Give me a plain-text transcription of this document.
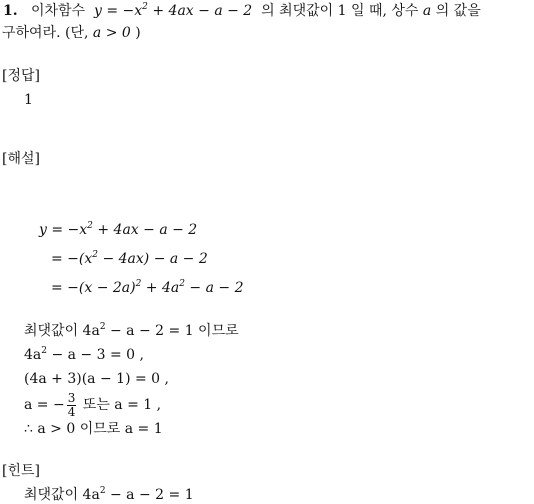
1. 이차함수 $y = -x^2 + 4ax - a - 2$ 의 최댓값이 1 일 때, 상수 a 의 값을
구하여라. (단, a > 0 )
[정답]
1
[해설]
$y = -x^2 + 4ax - a - 2$
= $-(x^2 - 4ax) - a - 2$
= $-(x - 2a)^2 + 4a^2 - a - 2$
최댓값이 $4a^2 - a - 2 = 1$ 이므로
$4a^2 - a - 3 = 0$ ,
(4a + 3)(a − 1) = 0 ,
a = − $\frac{3}{4}$ 또는 a = 1 ,
∴ a > 0 이므로 a = 1
[힌트]
최댓값이 $4a^2 - a - 2 = 1$
